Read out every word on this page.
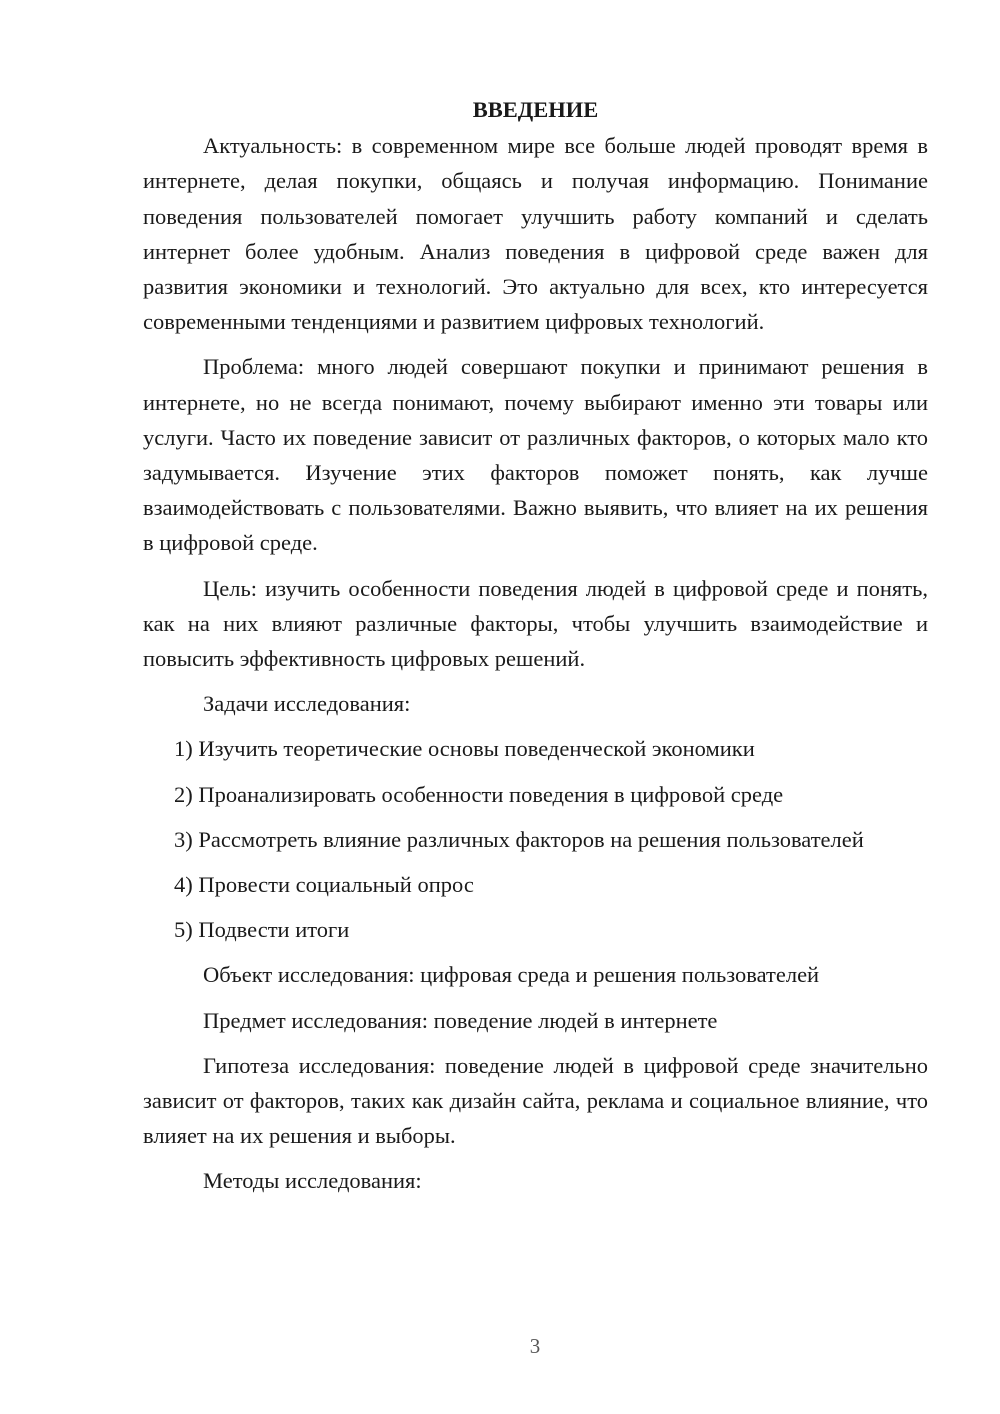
ВВЕДЕНИЕ

Актуальность: в современном мире все больше людей проводят время в интернете, делая покупки, общаясь и получая информацию. Понимание поведения пользователей помогает улучшить работу компаний и сделать интернет более удобным. Анализ поведения в цифровой среде важен для развития экономики и технологий. Это актуально для всех, кто интересуется современными тенденциями и развитием цифровых технологий.

Проблема: много людей совершают покупки и принимают решения в интернете, но не всегда понимают, почему выбирают именно эти товары или услуги. Часто их поведение зависит от различных факторов, о которых мало кто задумывается. Изучение этих факторов поможет понять, как лучше взаимодействовать с пользователями. Важно выявить, что влияет на их решения в цифровой среде.

Цель: изучить особенности поведения людей в цифровой среде и понять, как на них влияют различные факторы, чтобы улучшить взаимодействие и повысить эффективность цифровых решений.

Задачи исследования:

1) Изучить теоретические основы поведенческой экономики

2) Проанализировать особенности поведения в цифровой среде

3) Рассмотреть влияние различных факторов на решения пользователей

4) Провести социальный опрос

5) Подвести итоги

Объект исследования: цифровая среда и решения пользователей

Предмет исследования: поведение людей в интернете

Гипотеза исследования: поведение людей в цифровой среде значительно зависит от факторов, таких как дизайн сайта, реклама и социальное влияние, что влияет на их решения и выборы.

Методы исследования:

3
